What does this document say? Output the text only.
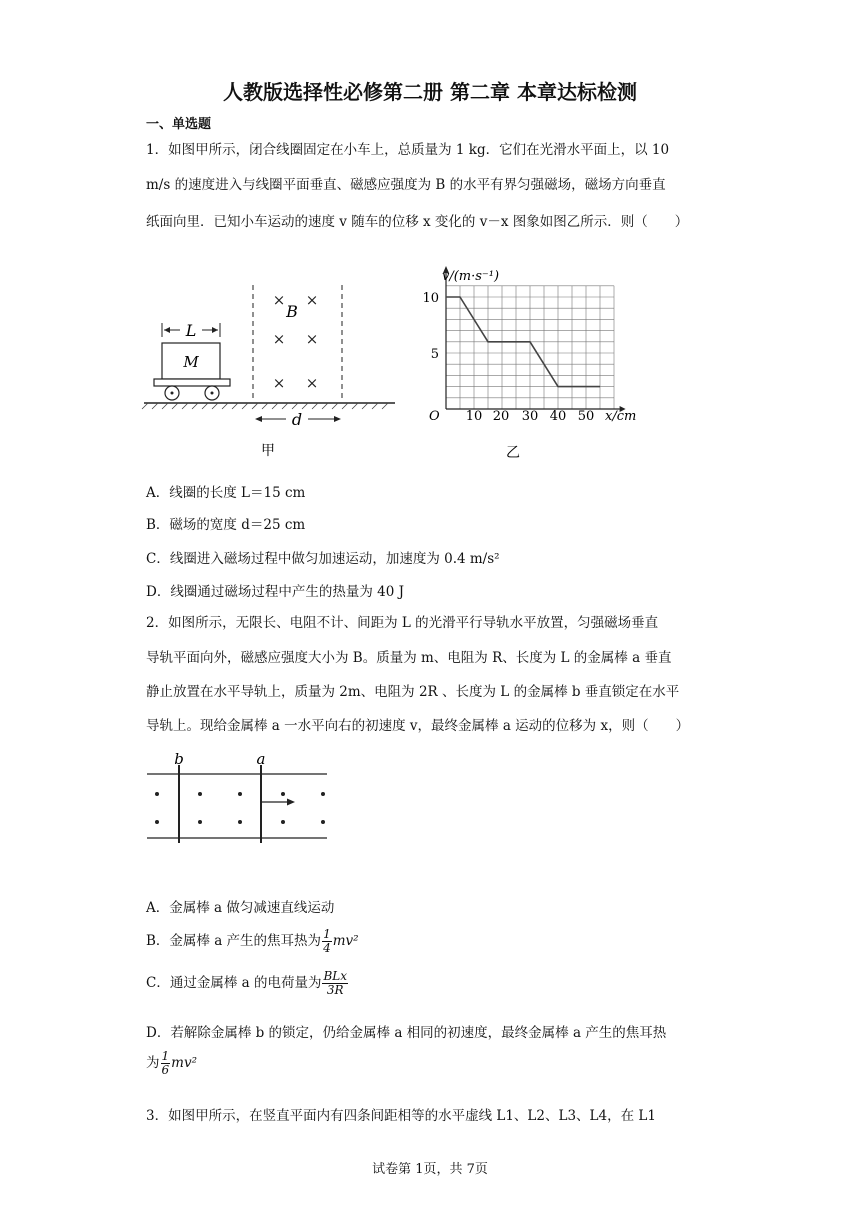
人教版选择性必修第二册 第二章 本章达标检测
一、单选题
1．如图甲所示，闭合线圈固定在小车上，总质量为 1 kg．它们在光滑水平面上，以 10
m/s 的速度进入与线圈平面垂直、磁感应强度为 B 的水平有界匀强磁场，磁场方向垂直
纸面向里．已知小车运动的速度 v 随车的位移 x 变化的 v－x 图象如图乙所示．则（　　）
M
L
× ×
× ×
× ×
B
d
甲
v/(m·s⁻¹)
x/cm
O
10
5
10 20 30 40 50
乙
A．线圈的长度 L＝15 cm
B．磁场的宽度 d＝25 cm
C．线圈进入磁场过程中做匀加速运动，加速度为 0.4 m/s²
D．线圈通过磁场过程中产生的热量为 40 J
2．如图所示，无限长、电阻不计、间距为 L 的光滑平行导轨水平放置，匀强磁场垂直
导轨平面向外，磁感应强度大小为 B。质量为 m、电阻为 R、长度为 L 的金属棒 a 垂直
静止放置在水平导轨上，质量为 2m、电阻为 2R 、长度为 L 的金属棒 b 垂直锁定在水平
导轨上。现给金属棒 a 一水平向右的初速度 v，最终金属棒 a 运动的位移为 x，则（　　）
b	a
A．金属棒 a 做匀减速直线运动
B．金属棒 a 产生的焦耳热为 $\frac{1}{4} mv^2$
C．通过金属棒 a 的电荷量为 $\frac{\text{BLx}}{3R}$
D．若解除金属棒 b 的锁定，仍给金属棒 a 相同的初速度，最终金属棒 a 产生的焦耳热
为 $\frac{1}{6} mv^2$
3．如图甲所示，在竖直平面内有四条间距相等的水平虚线 L1、L2、L3、L4，在 L1
试卷第 1页，共 7页
